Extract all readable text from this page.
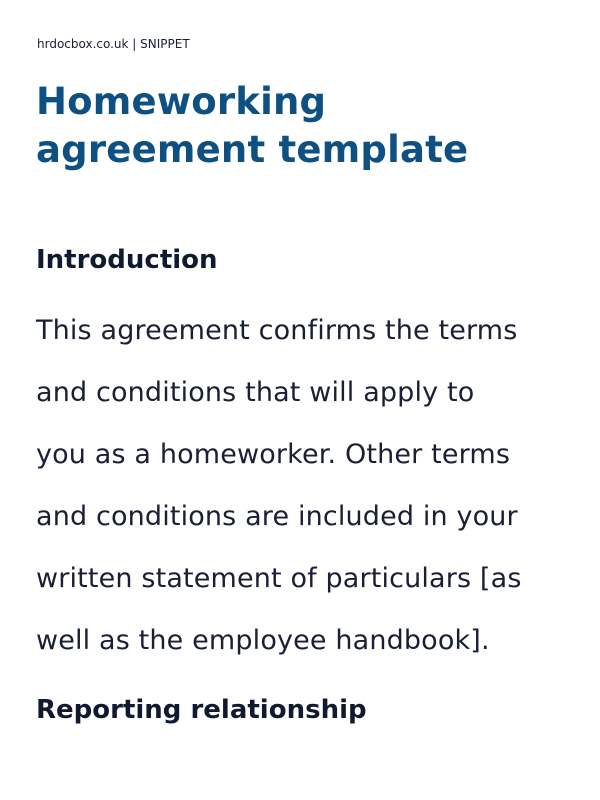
hrdocbox.co.uk | SNIPPET
Homeworking
agreement template
Introduction

This agreement confirms the terms
and conditions that will apply to
you as a homeworker. Other terms
and conditions are included in your
written statement of particulars [as
well as the employee handbook].

Reporting relationship
